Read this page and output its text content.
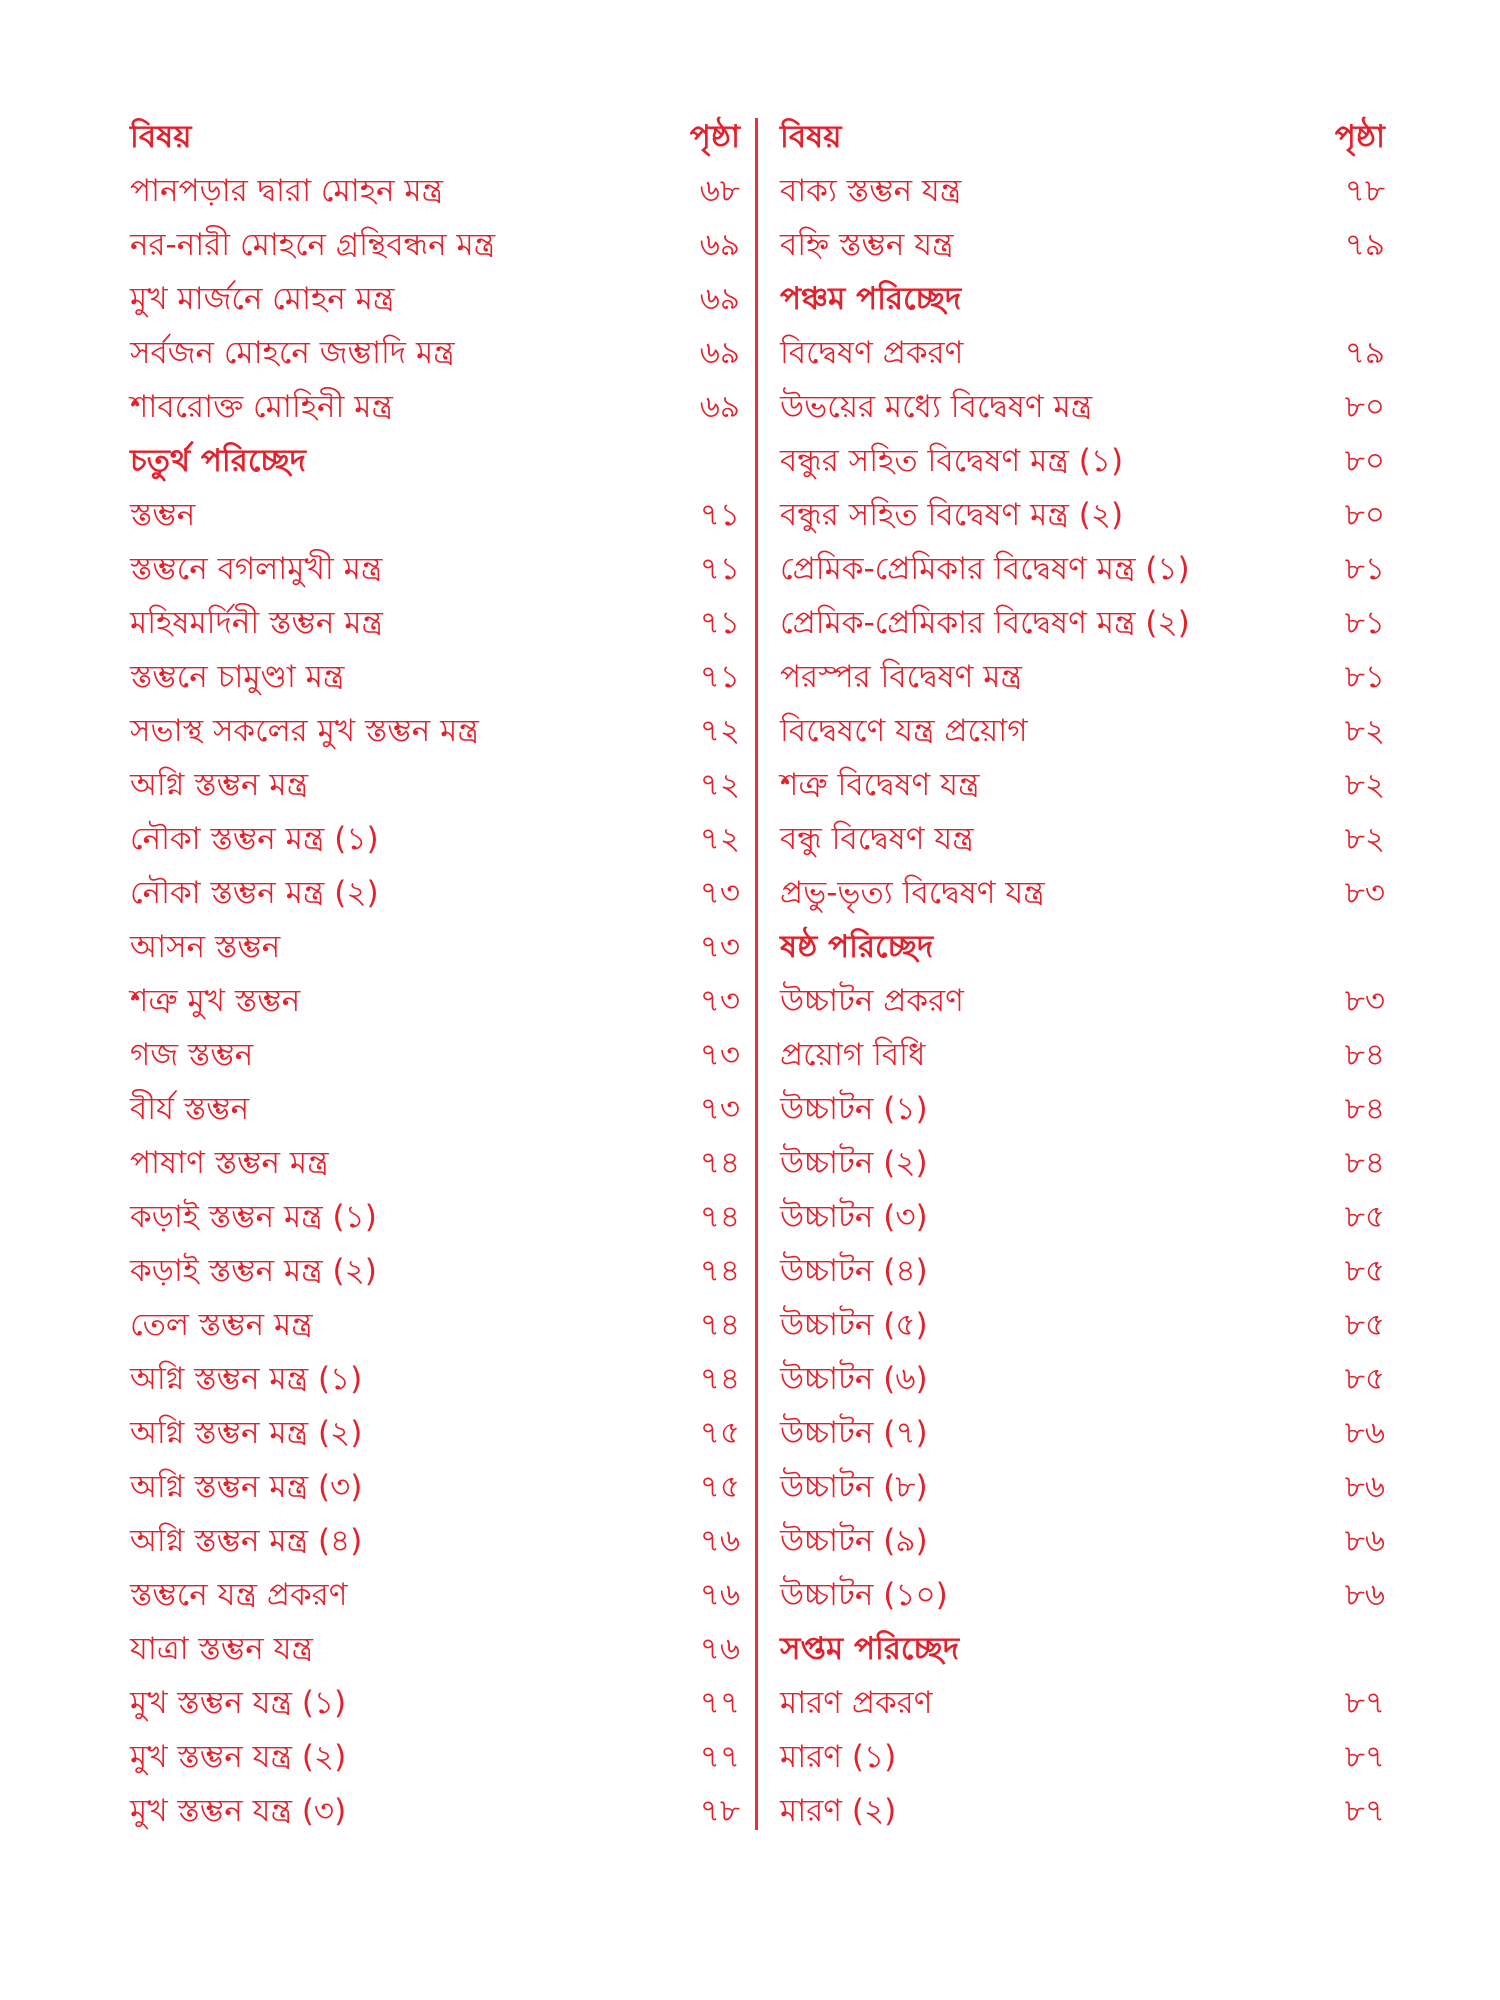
বিষয়	পৃষ্ঠা
পানপড়ার দ্বারা মোহন মন্ত্র	৬৮
নর-নারী মোহনে গ্রন্থিবন্ধন মন্ত্র	৬৯
মুখ মার্জনে মোহন মন্ত্র	৬৯
সর্বজন মোহনে জম্ভাদি মন্ত্র	৬৯
শাবরোক্ত মোহিনী মন্ত্র	৬৯
চতুর্থ পরিচ্ছেদ
স্তম্ভন	৭১
স্তম্ভনে বগলামুখী মন্ত্র	৭১
মহিষমর্দিনী স্তম্ভন মন্ত্র	৭১
স্তম্ভনে চামুণ্ডা মন্ত্র	৭১
সভাস্থ সকলের মুখ স্তম্ভন মন্ত্র	৭২
অগ্নি স্তম্ভন মন্ত্র	৭২
নৌকা স্তম্ভন মন্ত্র (১)	৭২
নৌকা স্তম্ভন মন্ত্র (২)	৭৩
আসন স্তম্ভন	৭৩
শত্রু মুখ স্তম্ভন	৭৩
গজ স্তম্ভন	৭৩
বীর্য স্তম্ভন	৭৩
পাষাণ স্তম্ভন মন্ত্র	৭৪
কড়াই স্তম্ভন মন্ত্র (১)	৭৪
কড়াই স্তম্ভন মন্ত্র (২)	৭৪
তেল স্তম্ভন মন্ত্র	৭৪
অগ্নি স্তম্ভন মন্ত্র (১)	৭৪
অগ্নি স্তম্ভন মন্ত্র (২)	৭৫
অগ্নি স্তম্ভন মন্ত্র (৩)	৭৫
অগ্নি স্তম্ভন মন্ত্র (৪)	৭৬
স্তম্ভনে যন্ত্র প্রকরণ	৭৬
যাত্রা স্তম্ভন যন্ত্র	৭৬
মুখ স্তম্ভন যন্ত্র (১)	৭৭
মুখ স্তম্ভন যন্ত্র (২)	৭৭
মুখ স্তম্ভন যন্ত্র (৩)	৭৮
বিষয়	পৃষ্ঠা
বাক্য স্তম্ভন যন্ত্র	৭৮
বহ্নি স্তম্ভন যন্ত্র	৭৯
পঞ্চম পরিচ্ছেদ
বিদ্বেষণ প্রকরণ	৭৯
উভয়ের মধ্যে বিদ্বেষণ মন্ত্র	৮০
বন্ধুর সহিত বিদ্বেষণ মন্ত্র (১)	৮০
বন্ধুর সহিত বিদ্বেষণ মন্ত্র (২)	৮০
প্রেমিক-প্রেমিকার বিদ্বেষণ মন্ত্র (১)	৮১
প্রেমিক-প্রেমিকার বিদ্বেষণ মন্ত্র (২)	৮১
পরস্পর বিদ্বেষণ মন্ত্র	৮১
বিদ্বেষণে যন্ত্র প্রয়োগ	৮২
শত্রু বিদ্বেষণ যন্ত্র	৮২
বন্ধু বিদ্বেষণ যন্ত্র	৮২
প্রভু-ভৃত্য বিদ্বেষণ যন্ত্র	৮৩
ষষ্ঠ পরিচ্ছেদ
উচ্চাটন প্রকরণ	৮৩
প্রয়োগ বিধি	৮৪
উচ্চাটন (১)	৮৪
উচ্চাটন (২)	৮৪
উচ্চাটন (৩)	৮৫
উচ্চাটন (৪)	৮৫
উচ্চাটন (৫)	৮৫
উচ্চাটন (৬)	৮৫
উচ্চাটন (৭)	৮৬
উচ্চাটন (৮)	৮৬
উচ্চাটন (৯)	৮৬
উচ্চাটন (১০)	৮৬
সপ্তম পরিচ্ছেদ
মারণ প্রকরণ	৮৭
মারণ (১)	৮৭
মারণ (২)	৮৭
